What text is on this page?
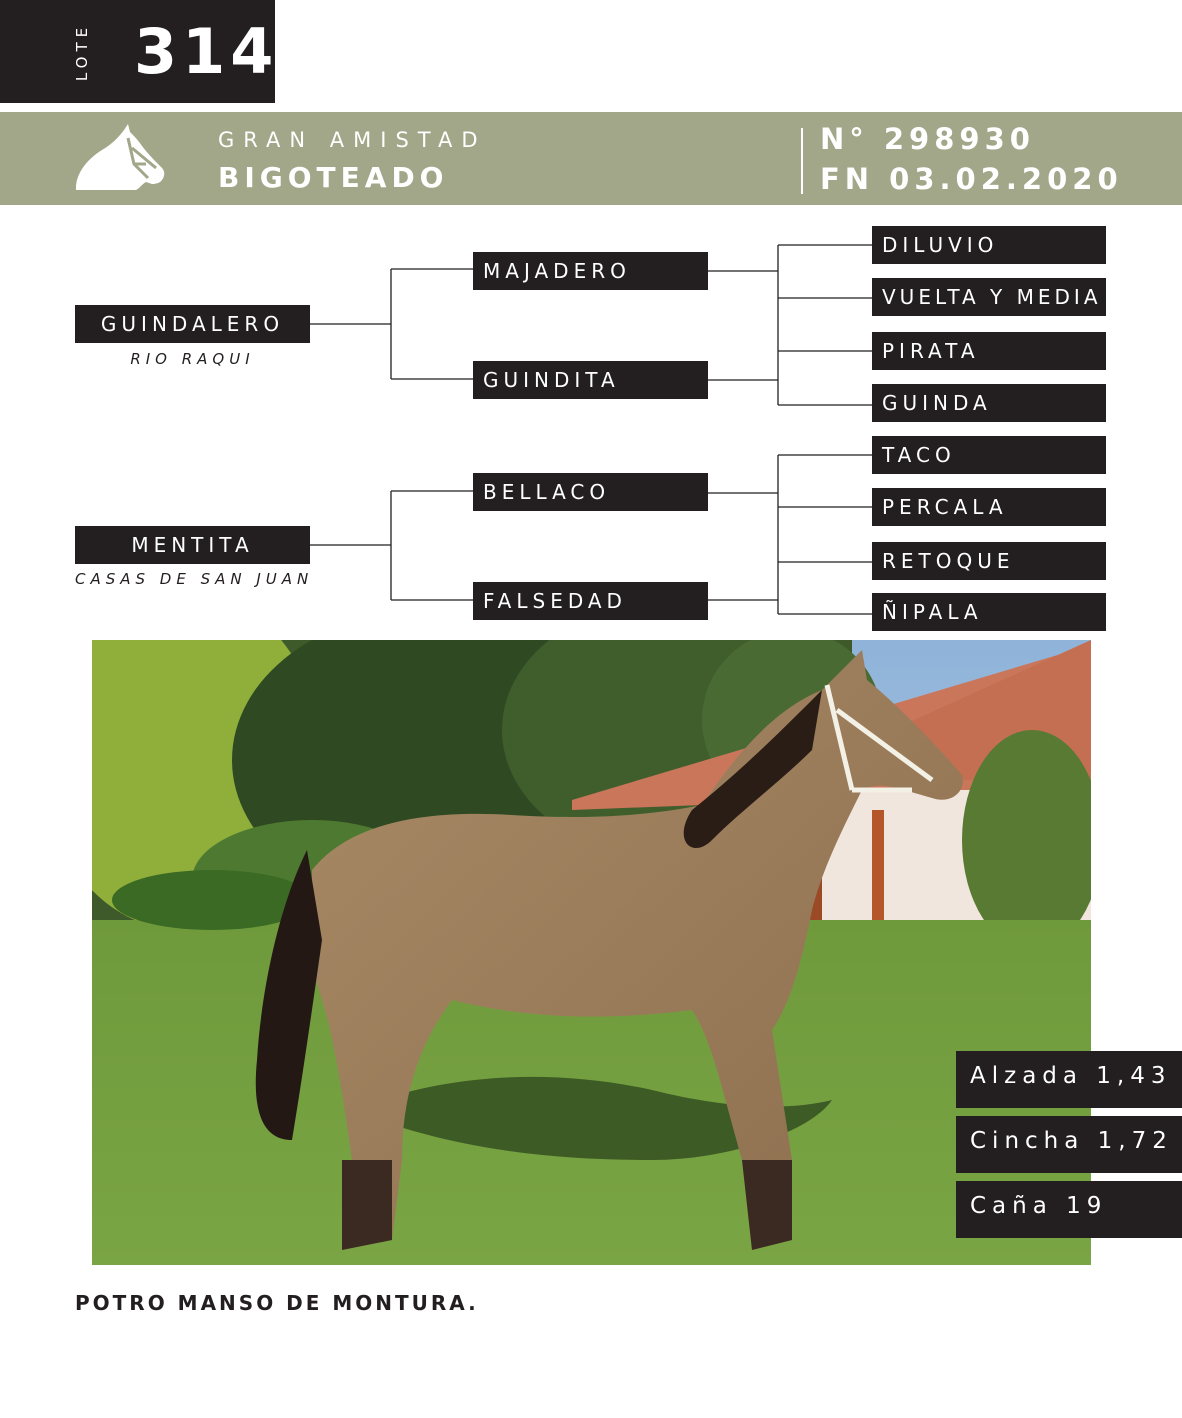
LOTE 314
GRAN AMISTAD
BIGOTEADO
N° 298930
FN 03.02.2020
GUINDALERO
RIO RAQUI
MENTITA
CASAS DE SAN JUAN
MAJADERO
GUINDITA
BELLACO
FALSEDAD
DILUVIO
VUELTA Y MEDIA
PIRATA
GUINDA
TACO
PERCALA
RETOQUE
ÑIPALA
Alzada 1,43
Cincha 1,72
Caña 19
POTRO MANSO DE MONTURA.
